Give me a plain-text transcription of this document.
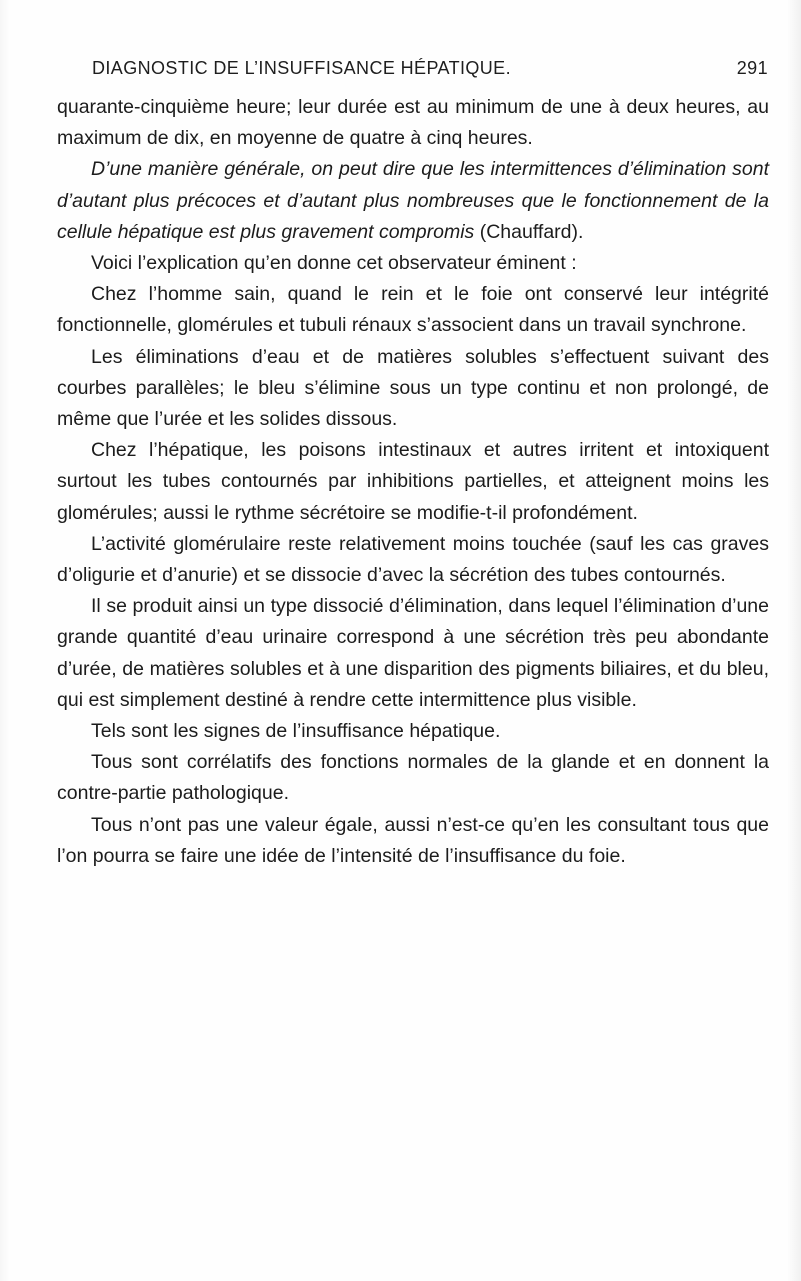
DIAGNOSTIC DE L’INSUFFISANCE HÉPATIQUE.	291

quarante-cinquième heure; leur durée est au minimum de une à deux heures, au maximum de dix, en moyenne de quatre à cinq heures.

D’une manière générale, on peut dire que les intermittences d’élimination sont d’autant plus précoces et d’autant plus nombreuses que le fonctionnement de la cellule hépatique est plus gravement compromis (Chauffard).

Voici l’explication qu’en donne cet observateur éminent :

Chez l’homme sain, quand le rein et le foie ont conservé leur intégrité fonctionnelle, glomérules et tubuli rénaux s’associent dans un travail synchrone.

Les éliminations d’eau et de matières solubles s’effectuent suivant des courbes parallèles; le bleu s’élimine sous un type continu et non prolongé, de même que l’urée et les solides dissous.

Chez l’hépatique, les poisons intestinaux et autres irritent et intoxiquent surtout les tubes contournés par inhibitions partielles, et atteignent moins les glomérules; aussi le rythme sécrétoire se modifie-t-il profondément.

L’activité glomérulaire reste relativement moins touchée (sauf les cas graves d’oligurie et d’anurie) et se dissocie d’avec la sécrétion des tubes contournés.

Il se produit ainsi un type dissocié d’élimination, dans lequel l’élimination d’une grande quantité d’eau urinaire correspond à une sécrétion très peu abondante d’urée, de matières solubles et à une disparition des pigments biliaires, et du bleu, qui est simplement destiné à rendre cette intermittence plus visible.

Tels sont les signes de l’insuffisance hépatique.

Tous sont corrélatifs des fonctions normales de la glande et en donnent la contre-partie pathologique.

Tous n’ont pas une valeur égale, aussi n’est-ce qu’en les consultant tous que l’on pourra se faire une idée de l’intensité de l’insuffisance du foie.
